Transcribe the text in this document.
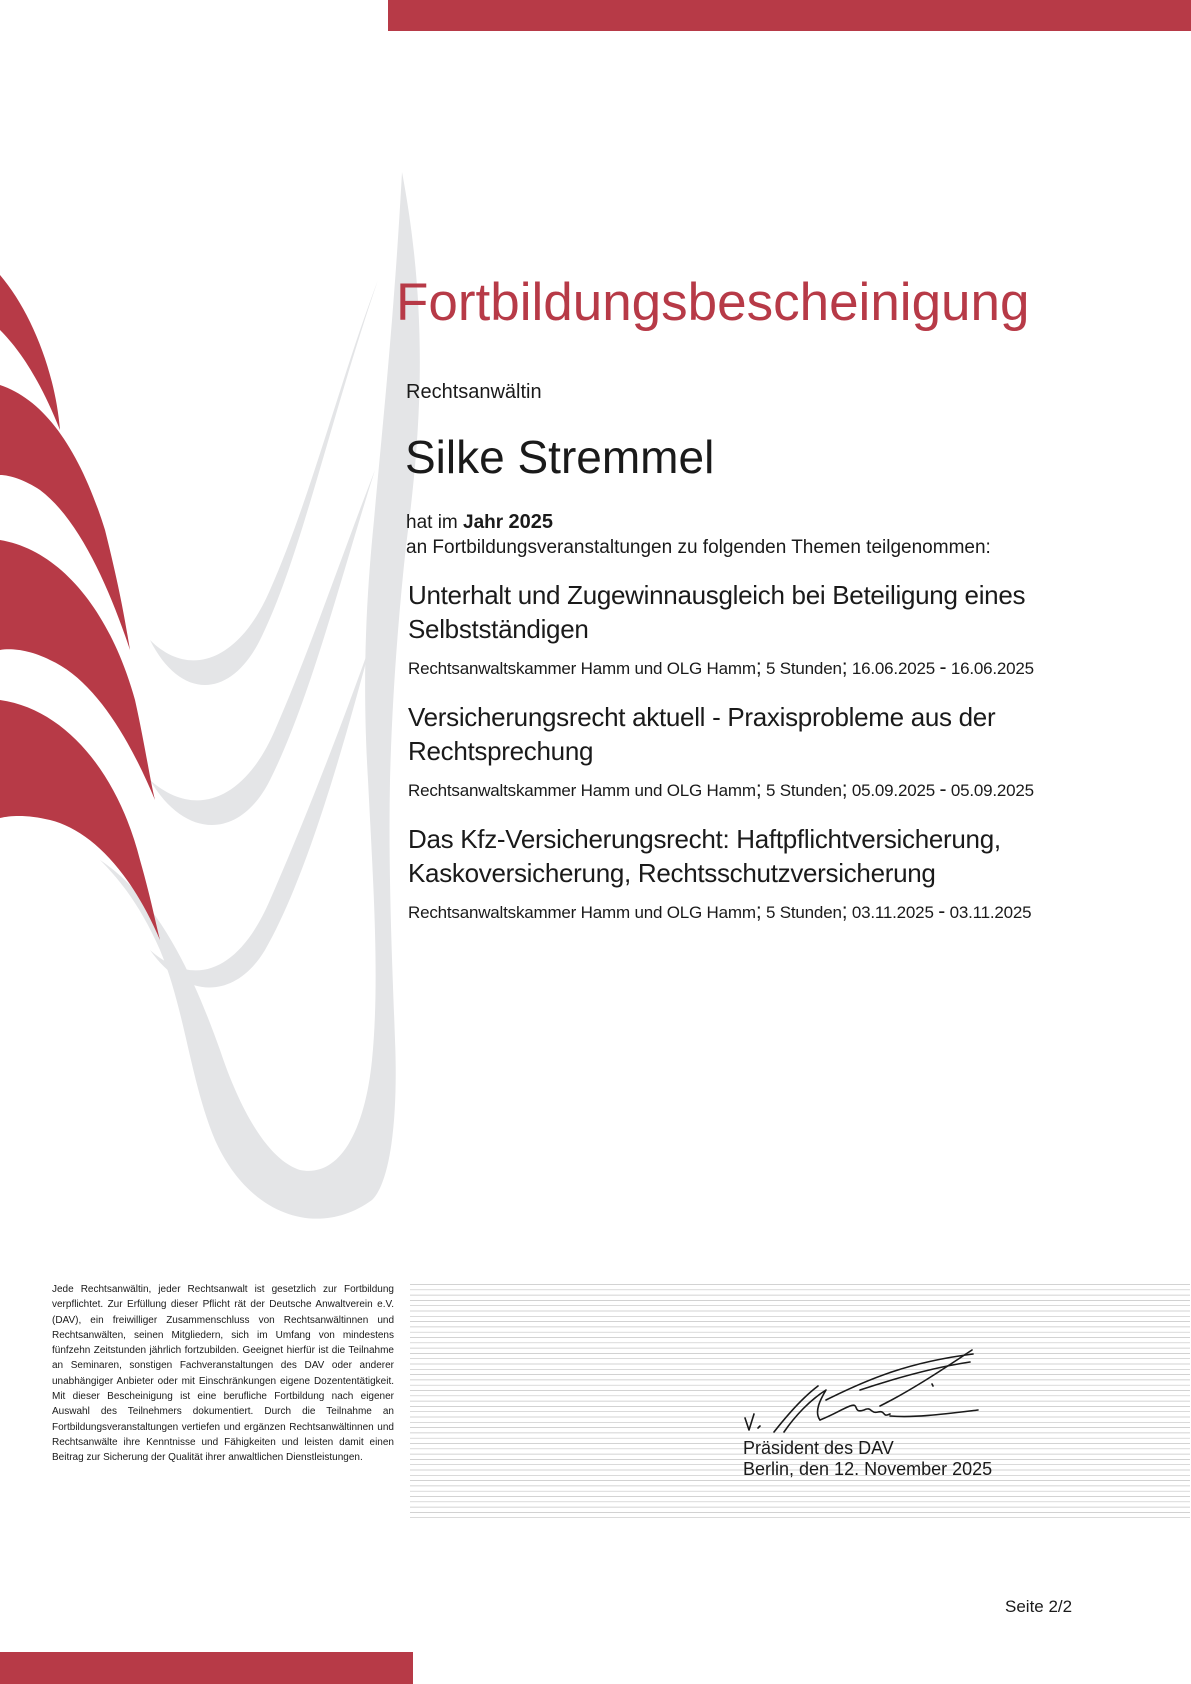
Fortbildungsbescheinigung
Rechtsanwältin
Silke Stremmel
hat im Jahr 2025
an Fortbildungsveranstaltungen zu folgenden Themen teilgenommen:
Unterhalt und Zugewinnausgleich bei Beteiligung eines Selbstständigen
Rechtsanwaltskammer Hamm und OLG Hamm; 5 Stunden; 16.06.2025 - 16.06.2025
Versicherungsrecht aktuell - Praxisprobleme aus der Rechtsprechung
Rechtsanwaltskammer Hamm und OLG Hamm; 5 Stunden; 05.09.2025 - 05.09.2025
Das Kfz-Versicherungsrecht: Haftpflichtversicherung, Kaskoversicherung, Rechtsschutzversicherung
Rechtsanwaltskammer Hamm und OLG Hamm; 5 Stunden; 03.11.2025 - 03.11.2025
Jede Rechtsanwältin, jeder Rechtsanwalt ist gesetzlich zur Fortbildung verpflichtet. Zur Erfüllung dieser Pflicht rät der Deutsche Anwaltverein e.V. (DAV), ein freiwilliger Zusammenschluss von Rechtsanwältinnen und Rechtsanwälten, seinen Mitgliedern, sich im Umfang von mindestens fünfzehn Zeitstunden jährlich fortzubilden. Geeignet hierfür ist die Teilnahme an Seminaren, sonstigen Fachveranstaltungen des DAV oder anderer unabhängiger Anbieter oder mit Einschränkungen eigene Dozententätigkeit. Mit dieser Bescheinigung ist eine berufliche Fortbildung nach eigener Auswahl des Teilnehmers dokumentiert. Durch die Teilnahme an Fortbildungsveranstaltungen vertiefen und ergänzen Rechtsanwältinnen und Rechtsanwälte ihre Kenntnisse und Fähigkeiten und leisten damit einen Beitrag zur Sicherung der Qualität ihrer anwaltlichen Dienstleistungen.	Präsident des DAV
Berlin, den 12. November 2025
Seite 2/2
